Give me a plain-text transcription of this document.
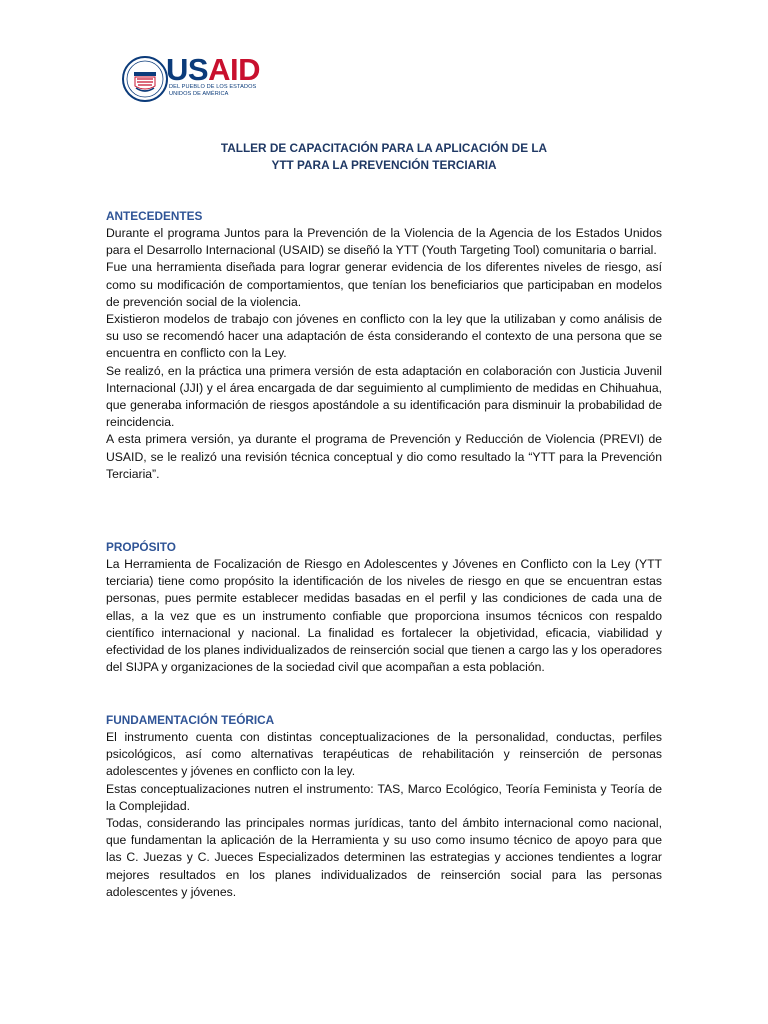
USAID
DEL PUEBLO DE LOS ESTADOS
UNIDOS DE AMÉRICA
TALLER DE CAPACITACIÓN PARA LA APLICACIÓN DE LA
YTT PARA LA PREVENCIÓN TERCIARIA

ANTECEDENTES

Durante el programa Juntos para la Prevención de la Violencia de la Agencia de los Estados Unidos para el Desarrollo Internacional (USAID) se diseñó la YTT (Youth Targeting Tool) comunitaria o barrial.

Fue una herramienta diseñada para lograr generar evidencia de los diferentes niveles de riesgo, así como su modificación de comportamientos, que tenían los beneficiarios que participaban en modelos de prevención social de la violencia.

Existieron modelos de trabajo con jóvenes en conflicto con la ley que la utilizaban y como análisis de su uso se recomendó hacer una adaptación de ésta considerando el contexto de una persona que se encuentra en conflicto con la Ley.

Se realizó, en la práctica una primera versión de esta adaptación en colaboración con Justicia Juvenil Internacional (JJI) y el área encargada de dar seguimiento al cumplimiento de medidas en Chihuahua, que generaba información de riesgos apostándole a su identificación para disminuir la probabilidad de reincidencia.

A esta primera versión, ya durante el programa de Prevención y Reducción de Violencia (PREVI) de USAID, se le realizó una revisión técnica conceptual y dio como resultado la “YTT para la Prevención Terciaria”.

PROPÓSITO

La Herramienta de Focalización de Riesgo en Adolescentes y Jóvenes en Conflicto con la Ley (YTT terciaria) tiene como propósito la identificación de los niveles de riesgo en que se encuentran estas personas, pues permite establecer medidas basadas en el perfil y las condiciones de cada una de ellas, a la vez que es un instrumento confiable que proporciona insumos técnicos con respaldo científico internacional y nacional. La finalidad es fortalecer la objetividad, eficacia, viabilidad y efectividad de los planes individualizados de reinserción social que tienen a cargo las y los operadores del SIJPA y organizaciones de la sociedad civil que acompañan a esta población.

FUNDAMENTACIÓN TEÓRICA

El instrumento cuenta con distintas conceptualizaciones de la personalidad, conductas, perfiles psicológicos, así como alternativas terapéuticas de rehabilitación y reinserción de personas adolescentes y jóvenes en conflicto con la ley.

Estas conceptualizaciones nutren el instrumento: TAS, Marco Ecológico, Teoría Feminista y Teoría de la Complejidad.

Todas, considerando las principales normas jurídicas, tanto del ámbito internacional como nacional, que fundamentan la aplicación de la Herramienta y su uso como insumo técnico de apoyo para que las C. Juezas y C. Jueces Especializados determinen las estrategias y acciones tendientes a lograr mejores resultados en los planes individualizados de reinserción social para las personas adolescentes y jóvenes.
